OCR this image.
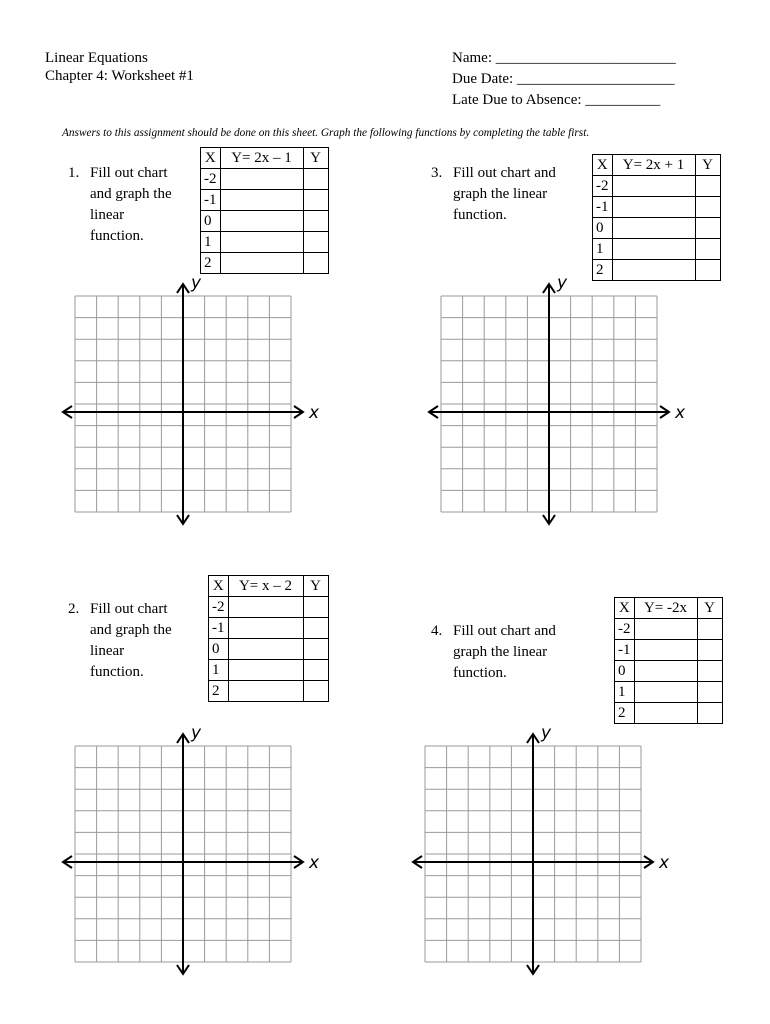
Linear Equations
Chapter 4: Worksheet #1
Name: ________________________
Due Date: _____________________
Late Due to Absence: __________
Answers to this assignment should be done on this sheet. Graph the following functions by completing the table first.
1. Fill out chart
and graph the
linear
function.
X	Y= 2x – 1	Y
-2		
-1		
0		
1		
2		
3. Fill out chart and
graph the linear
function.
X	Y= 2x + 1	Y
-2		
-1		
0		
1		
2		
2. Fill out chart
and graph the
linear
function.
X	Y= x – 2	Y
-2		
-1		
0		
1		
2		
4. Fill out chart and
graph the linear
function.
X	Y= -2x	Y
-2		
-1		
0		
1		
2		
x
y
x
y
x
y
x
y
